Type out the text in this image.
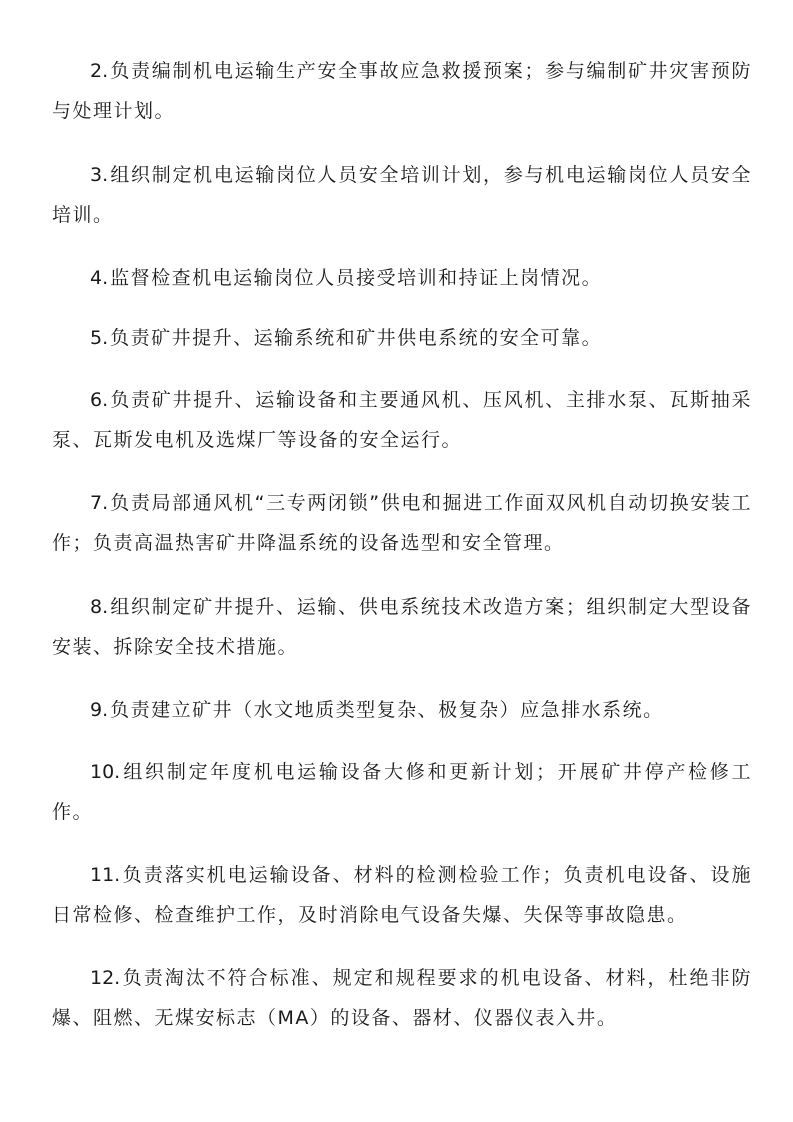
2. 负责编制机电运输生产安全事故应急救援预案；参与编制矿井灾害预防与处理计划。

3. 组织制定机电运输岗位人员安全培训计划，参与机电运输岗位人员安全培训。

4. 监督检查机电运输岗位人员接受培训和持证上岗情况。

5. 负责矿井提升、运输系统和矿井供电系统的安全可靠。

6. 负责矿井提升、运输设备和主要通风机、压风机、主排水泵、瓦斯抽采泵、瓦斯发电机及选煤厂等设备的安全运行。

7. 负责局部通风机“三专两闭锁”供电和掘进工作面双风机自动切换安装工作；负责高温热害矿井降温系统的设备选型和安全管理。

8. 组织制定矿井提升、运输、供电系统技术改造方案；组织制定大型设备安装、拆除安全技术措施。

9. 负责建立矿井（水文地质类型复杂、极复杂）应急排水系统。

10. 组织制定年度机电运输设备大修和更新计划；开展矿井停产检修工作。

11. 负责落实机电运输设备、材料的检测检验工作；负责机电设备、设施日常检修、检查维护工作，及时消除电气设备失爆、失保等事故隐患。

12. 负责淘汰不符合标准、规定和规程要求的机电设备、材料，杜绝非防爆、阻燃、无煤安标志（MA）的设备、器材、仪器仪表入井。
